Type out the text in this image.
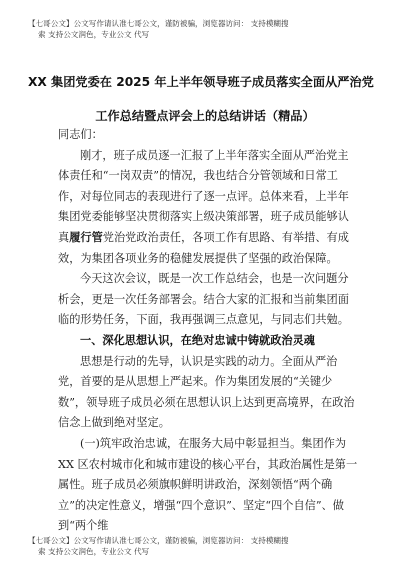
【七哥公文】公文写作请认准七哥公文，谨防被骗，浏览器访问： 支持模糊搜
索 支持公文润色，专业公文 代写
XX 集团党委在 2025 年上半年领导班子成员落实全面从严治党
工作总结暨点评会上的总结讲话（精品）

同志们：

刚才，班子成员逐一汇报了上半年落实全面从严治党主体责任和“一岗双责”的情况，我也结合分管领域和日常工作，对每位同志的表现进行了逐一点评。总体来看，上半年集团党委能够坚决贯彻落实上级决策部署，班子成员能够认真履行管党治党政治责任，各项工作有思路、有举措、有成效，为集团各项业务的稳健发展提供了坚强的政治保障。

今天这次会议，既是一次工作总结会，也是一次问题分析会，更是一次任务部署会。结合大家的汇报和当前集团面临的形势任务，下面，我再强调三点意见，与同志们共勉。

一、深化思想认识，在绝对忠诚中铸就政治灵魂

思想是行动的先导，认识是实践的动力。全面从严治党，首要的是从思想上严起来。作为集团发展的“关键少数”，领导班子成员必须在思想认识上达到更高境界，在政治信念上做到绝对坚定。

(一)筑牢政治忠诚，在服务大局中彰显担当。集团作为 XX 区农村城市化和城市建设的核心平台，其政治属性是第一属性。班子成员必须旗帜鲜明讲政治，深刻领悟“两个确立”的决定性意义，增强“四个意识”、坚定“四个自信”、做到“两个维

【七哥公文】公文写作请认准七哥公文，谨防被骗，浏览器访问： 支持模糊搜
索 支持公文润色，专业公文 代写
